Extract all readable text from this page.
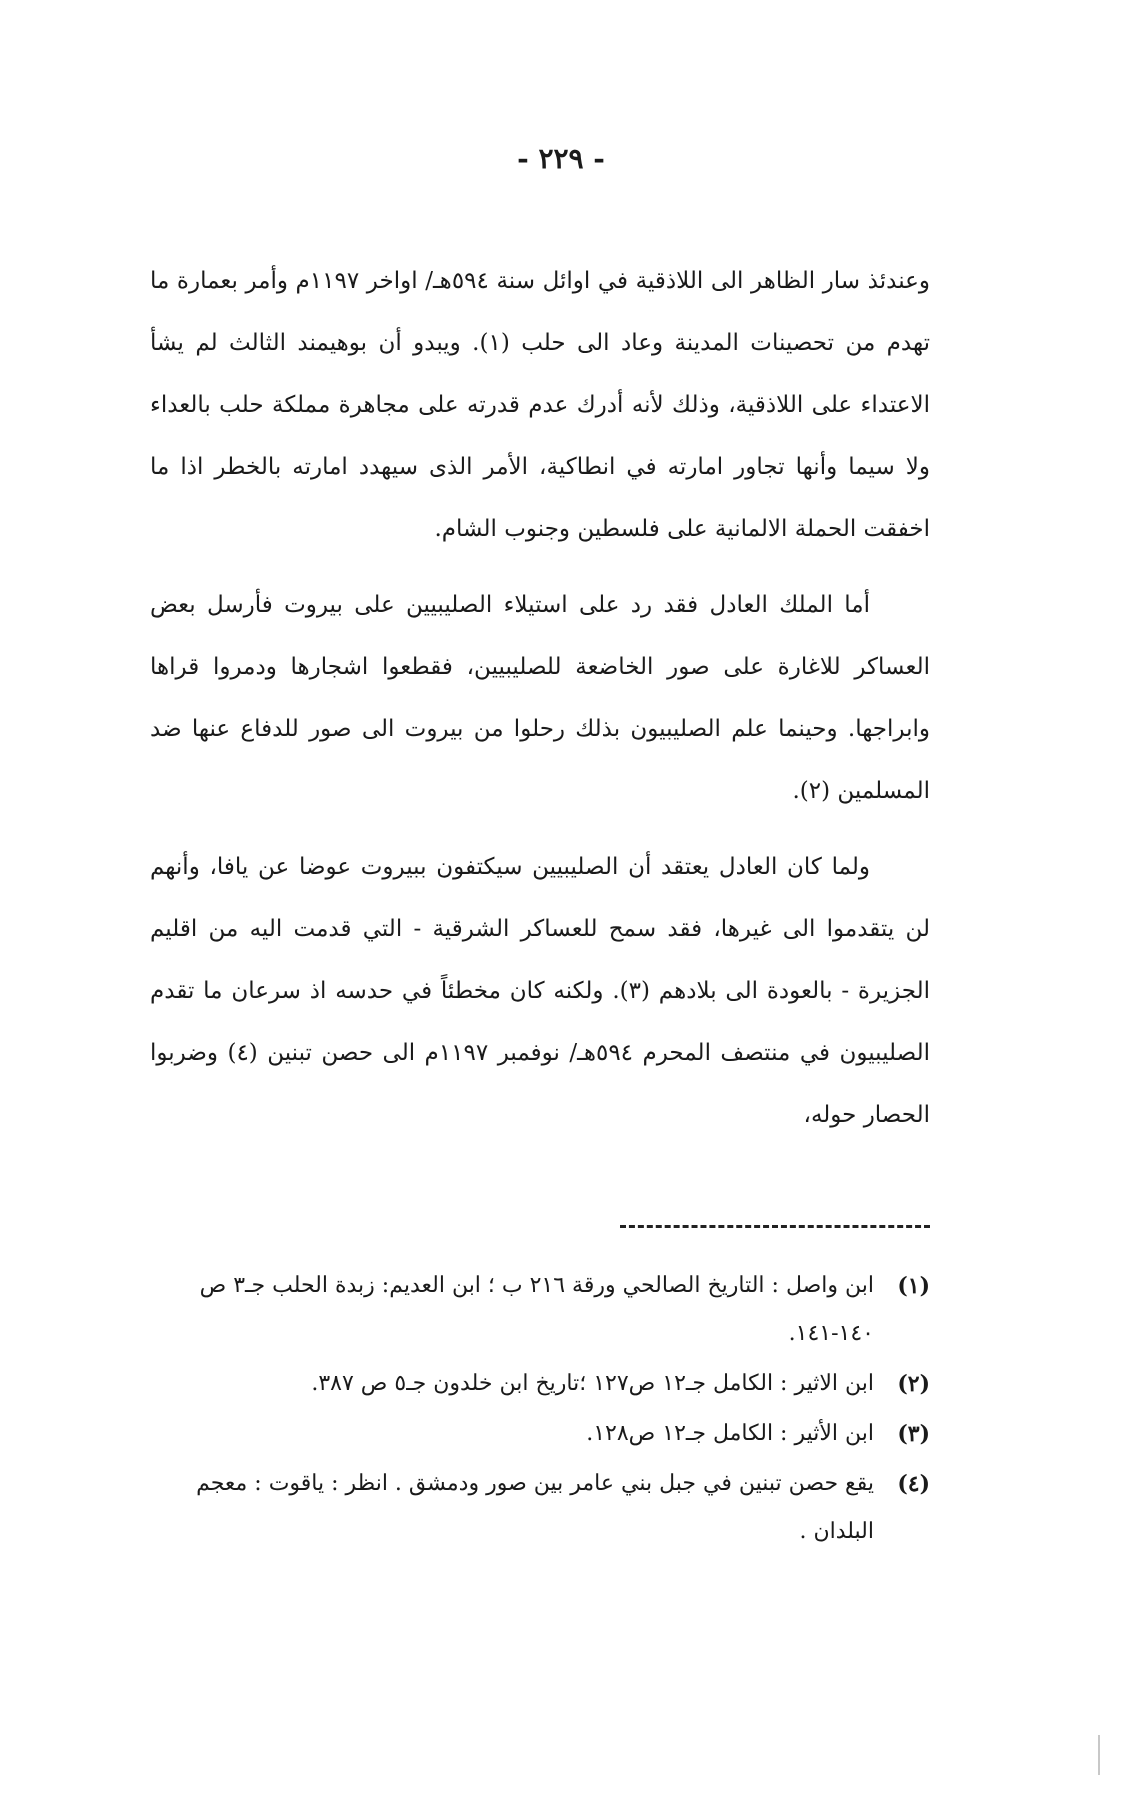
- ٢٢٩ -

وعندئذ سار الظاهر الى اللاذقية في اوائل سنة ٥٩٤هـ/ اواخر ١١٩٧م وأمر بعمارة ما تهدم من تحصينات المدينة وعاد الى حلب (١). ويبدو أن بوهيمند الثالث لم يشأ الاعتداء على اللاذقية، وذلك لأنه أدرك عدم قدرته على مجاهرة مملكة حلب بالعداء ولا سيما وأنها تجاور امارته في انطاكية، الأمر الذى سيهدد امارته بالخطر اذا ما اخفقت الحملة الالمانية على فلسطين وجنوب الشام.

أما الملك العادل فقد رد على استيلاء الصليبيين على بيروت فأرسل بعض العساكر للاغارة على صور الخاضعة للصليبيين، فقطعوا اشجارها ودمروا قراها وابراجها. وحينما علم الصليبيون بذلك رحلوا من بيروت الى صور للدفاع عنها ضد المسلمين (٢).

ولما كان العادل يعتقد أن الصليبيين سيكتفون ببيروت عوضا عن يافا، وأنهم لن يتقدموا الى غيرها، فقد سمح للعساكر الشرقية - التي قدمت اليه من اقليم الجزيرة - بالعودة الى بلادهم (٣). ولكنه كان مخطئاً في حدسه اذ سرعان ما تقدم الصليبيون في منتصف المحرم ٥٩٤هـ/ نوفمبر ١١٩٧م الى حصن تبنين (٤) وضربوا الحصار حوله،

(١)
ابن واصل : التاريخ الصالحي ورقة ٢١٦ ب ؛ ابن العديم: زبدة الحلب جـ٣ ص ١٤٠-١٤١.
(٢)
ابن الاثير : الكامل جـ١٢ ص١٢٧ ؛تاريخ ابن خلدون جـ٥ ص ٣٨٧.
(٣)
ابن الأثير : الكامل جـ١٢ ص١٢٨.
(٤)
يقع حصن تبنين في جبل بني عامر بين صور ودمشق . انظر : ياقوت : معجم البلدان .
